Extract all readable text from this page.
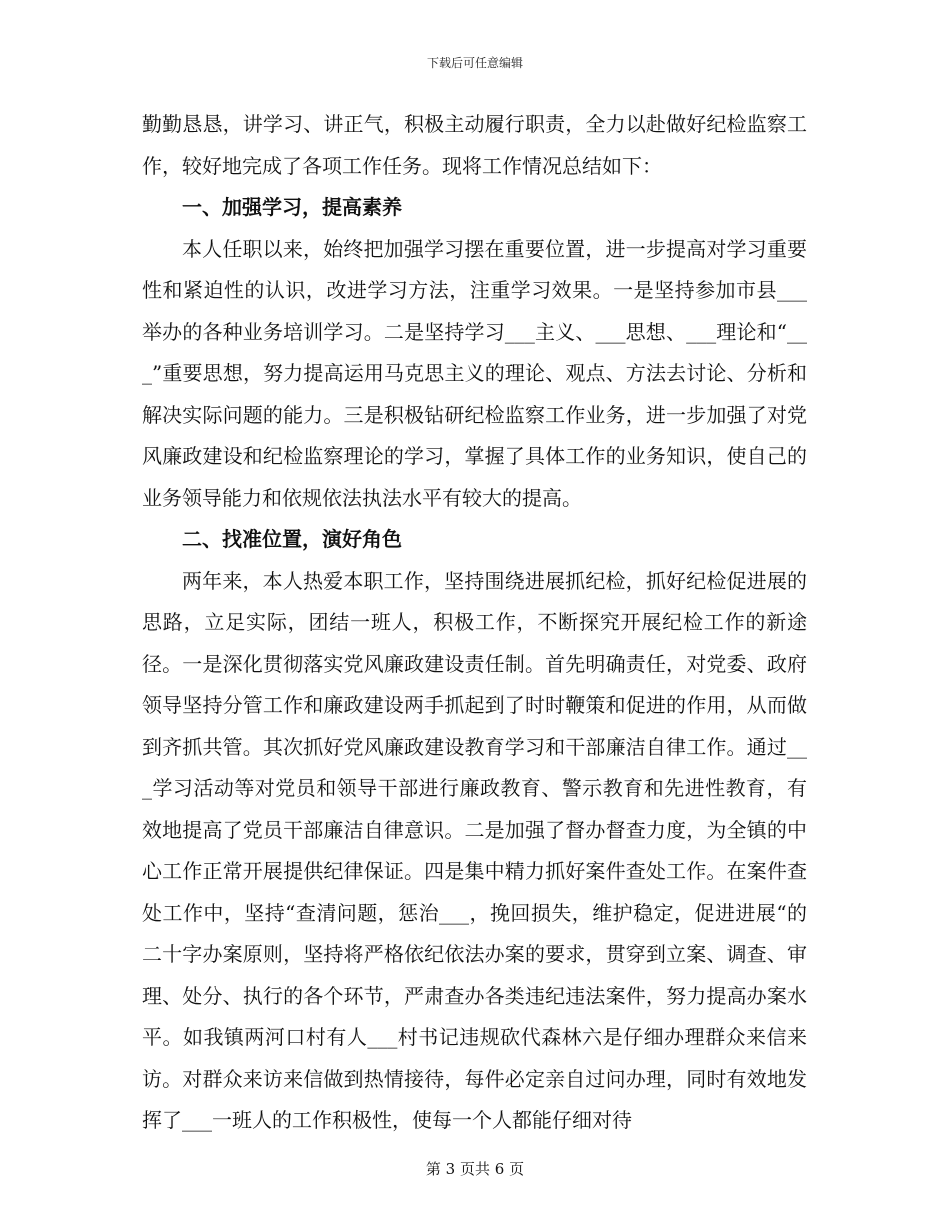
下载后可任意编辑

勤勤恳恳，讲学习、讲正气，积极主动履行职责，全力以赴做好纪检监察工作，较好地完成了各项工作任务。现将工作情况总结如下：

一、加强学习，提高素养

本人任职以来，始终把加强学习摆在重要位置，进一步提高对学习重要性和紧迫性的认识，改进学习方法，注重学习效果。一是坚持参加市县___举办的各种业务培训学习。二是坚持学习___主义、___思想、___理论和“___”重要思想，努力提高运用马克思主义的理论、观点、方法去讨论、分析和解决实际问题的能力。三是积极钻研纪检监察工作业务，进一步加强了对党风廉政建设和纪检监察理论的学习，掌握了具体工作的业务知识，使自己的业务领导能力和依规依法执法水平有较大的提高。

二、找准位置，演好角色

两年来，本人热爱本职工作，坚持围绕进展抓纪检，抓好纪检促进展的思路，立足实际，团结一班人，积极工作，不断探究开展纪检工作的新途径。一是深化贯彻落实党风廉政建设责任制。首先明确责任，对党委、政府领导坚持分管工作和廉政建设两手抓起到了时时鞭策和促进的作用，从而做到齐抓共管。其次抓好党风廉政建设教育学习和干部廉洁自律工作。通过___学习活动等对党员和领导干部进行廉政教育、警示教育和先进性教育，有效地提高了党员干部廉洁自律意识。二是加强了督办督查力度，为全镇的中心工作正常开展提供纪律保证。四是集中精力抓好案件查处工作。在案件查处工作中，坚持“查清问题，惩治___，挽回损失，维护稳定，促进进展“的二十字办案原则，坚持将严格依纪依法办案的要求，贯穿到立案、调查、审理、处分、执行的各个环节，严肃查办各类违纪违法案件，努力提高办案水平。如我镇两河口村有人___村书记违规砍代森林六是仔细办理群众来信来访。对群众来访来信做到热情接待，每件必定亲自过问办理，同时有效地发挥了___一班人的工作积极性，使每一个人都能仔细对待

第 3 页共 6 页
